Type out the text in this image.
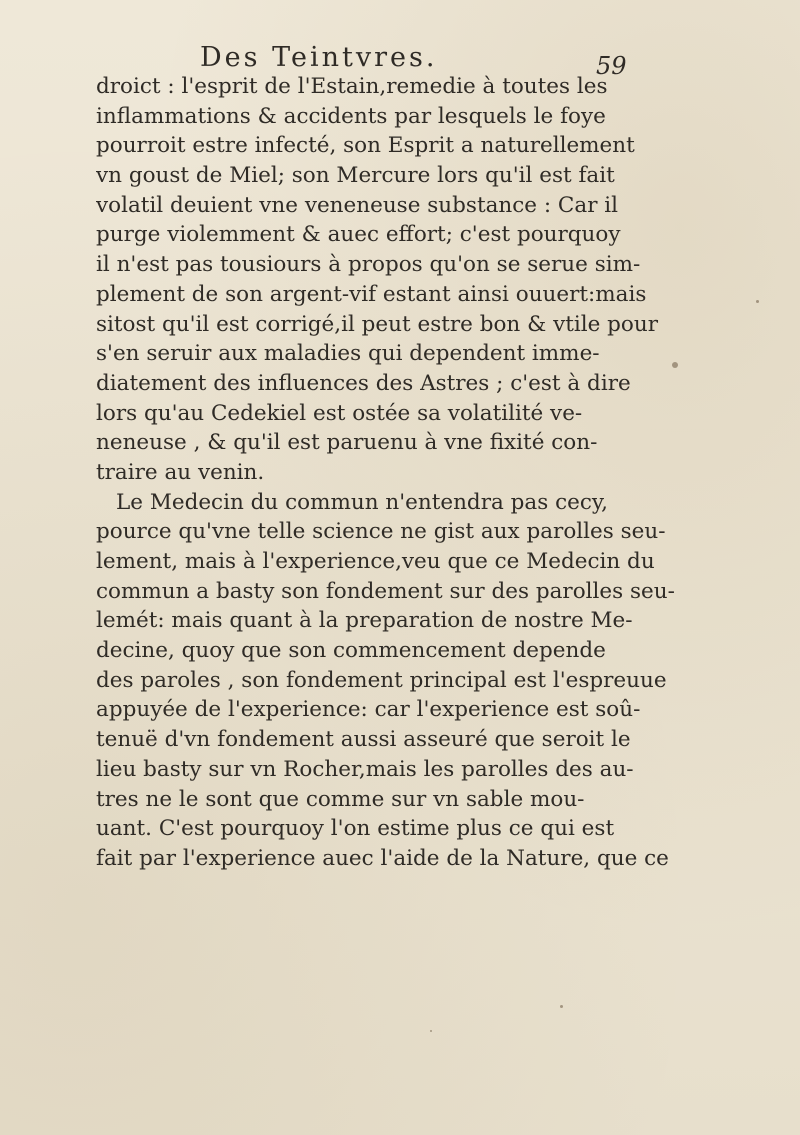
Des Teintvres.	59
droict : l'esprit de l'Estain,remedie à toutes les
inflammations & accidents par lesquels le foye
pourroit estre infecté, son Esprit a naturellement
vn goust de Miel; son Mercure lors qu'il est fait
volatil deuient vne veneneuse substance : Car il
purge violemment & auec effort; c'est pourquoy
il n'est pas tousiours à propos qu'on se serue sim-
plement de son argent-vif estant ainsi ouuert:mais
sitost qu'il est corrigé,il peut estre bon & vtile pour
s'en seruir aux maladies qui dependent imme-
diatement des influences des Astres ; c'est à dire
lors qu'au Cedekiel est ostée sa volatilité ve-
neneuse , & qu'il est paruenu à vne fixité con-
traire au venin.
Le Medecin du commun n'entendra pas cecy,
pource qu'vne telle science ne gist aux parolles seu-
lement, mais à l'experience,veu que ce Medecin du
commun a basty son fondement sur des parolles seu-
lemét: mais quant à la preparation de nostre Me-
decine, quoy que son commencement depende
des paroles , son fondement principal est l'espreuue
appuyée de l'experience: car l'experience est soû-
tenuë d'vn fondement aussi asseuré que seroit le
lieu basty sur vn Rocher,mais les parolles des au-
tres ne le sont que comme sur vn sable mou-
uant. C'est pourquoy l'on estime plus ce qui est
fait par l'experience auec l'aide de la Nature, que ce
